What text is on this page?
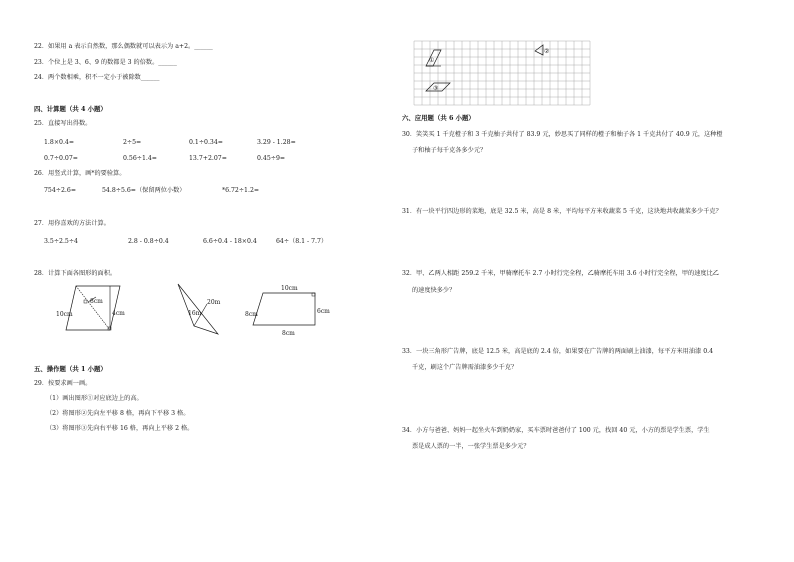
22．如果用 a 表示自然数，那么偶数就可以表示为 a+2。______
23．个位上是 3、6、9 的数都是 3 的倍数。______
24．两个数相乘，积不一定小于被除数______
四、计算题（共 4 小题）
25．直接写出得数。
1.8×0.4=	2÷5=	0.1÷0.34=	3.29 - 1.28=
0.7÷0.07=	0.56÷1.4=	13.7+2.07=	0.45÷9=
26．用竖式计算，画*的要验算。
754÷2.6=	54.8÷5.6=（保留两位小数）	*6.72÷1.2=
27．用你喜欢的方法计算。
3.5÷2.5÷4	2.8 - 0.8÷0.4	6.6÷0.4 - 18×0.4	64÷（8.1 - 7.7）
28．计算下面各图形的面积。
8cm
4cm
10cm
20m
16m
10cm
8cm	6cm
8cm
五、操作题（共 1 小题）
29．按要求画一画。
（1）画出图形①对应底边上的高。
（2）将图形②先向左平移 8 格，再向下平移 3 格。
（3）将图形③先向右平移 16 格，再向上平移 2 格。
①
②
③
六、应用题（共 6 小题）
30．笑笑买 1 千克橙子和 3 千克柚子共付了 83.9 元，妙思买了同样的橙子和柚子各 1 千克共付了 40.9 元，这种橙
子和柚子每千克各多少元？
31．有一块平行四边形的菜地，底是 32.5 米，高是 8 米，平均每平方米收蔬菜 5 千克，这块地共收蔬菜多少千克？
32．甲、乙两人相距 259.2 千米，甲骑摩托车 2.7 小时行完全程，乙骑摩托车用 3.6 小时行完全程，甲的速度比乙
的速度快多少？
33．一块三角形广告牌，底是 12.5 米，高是底的 2.4 倍，如果要在广告牌的两面刷上油漆，每平方米用油漆 0.4
千克，刷这个广告牌需油漆多少千克？
34．小方与爸爸、妈妈一起坐火车到奶奶家，买车票时爸爸付了 100 元，找回 40 元，小方的票是学生票，学生
票是成人票的一半，一张学生票是多少元？
